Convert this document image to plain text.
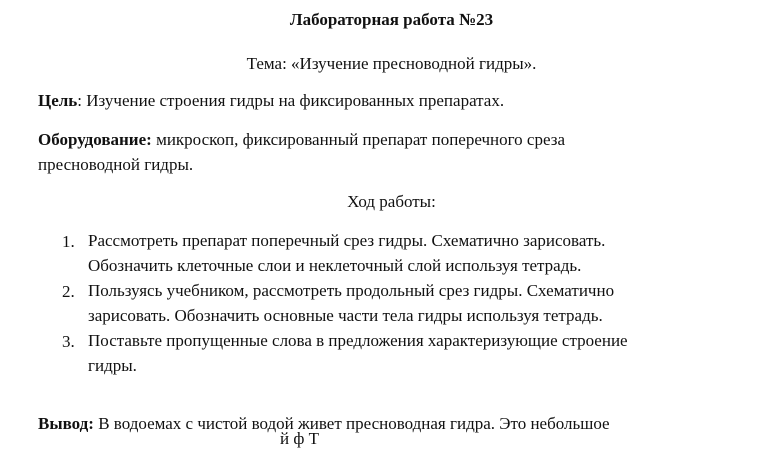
Лабораторная работа №23
Тема: «Изучение пресноводной гидры».
Цель: Изучение строения гидры на фиксированных препаратах.
Оборудование: микроскоп, фиксированный препарат поперечного среза
пресноводной гидры.
Ход работы:
1. Рассмотреть препарат поперечный срез гидры. Схематично зарисовать.
Обозначить клеточные слои и неклеточный слой используя тетрадь.
2. Пользуясь учебником, рассмотреть продольный срез гидры. Схематично
зарисовать. Обозначить основные части тела гидры используя тетрадь.
3. Поставьте пропущенные слова в предложения характеризующие строение
гидры.
Вывод: В водоемах с чистой водой живет пресноводная гидра. Это небольшое
й ф Т
